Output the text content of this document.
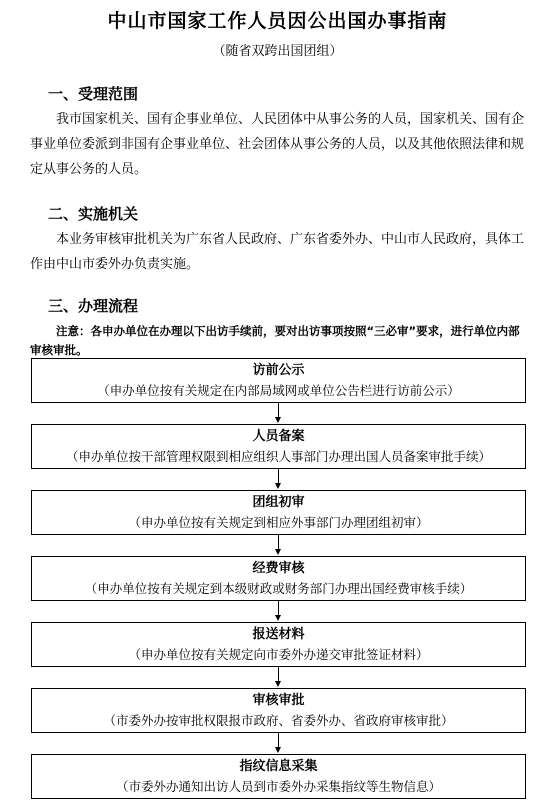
中山市国家工作人员因公出国办事指南
（随省双跨出国团组）
一、受理范围
我市国家机关、国有企事业单位、人民团体中从事公务的人员，国家机关、国有企事业单位委派到非国有企事业单位、社会团体从事公务的人员，以及其他依照法律和规定从事公务的人员。
二、实施机关
本业务审核审批机关为广东省人民政府、广东省委外办、中山市人民政府，具体工作由中山市委外办负责实施。
三、办理流程
注意：各申办单位在办理以下出访手续前，要对出访事项按照“三必审”要求，进行单位内部审核审批。
访前公示
（申办单位按有关规定在内部局域网或单位公告栏进行访前公示）
人员备案
（申办单位按干部管理权限到相应组织人事部门办理出国人员备案审批手续）
团组初审
（申办单位按有关规定到相应外事部门办理团组初审）
经费审核
（申办单位按有关规定到本级财政或财务部门办理出国经费审核手续）
报送材料
（申办单位按有关规定向市委外办递交审批签证材料）
审核审批
（市委外办按审批权限报市政府、省委外办、省政府审核审批）
指纹信息采集
（市委外办通知出访人员到市委外办采集指纹等生物信息）
